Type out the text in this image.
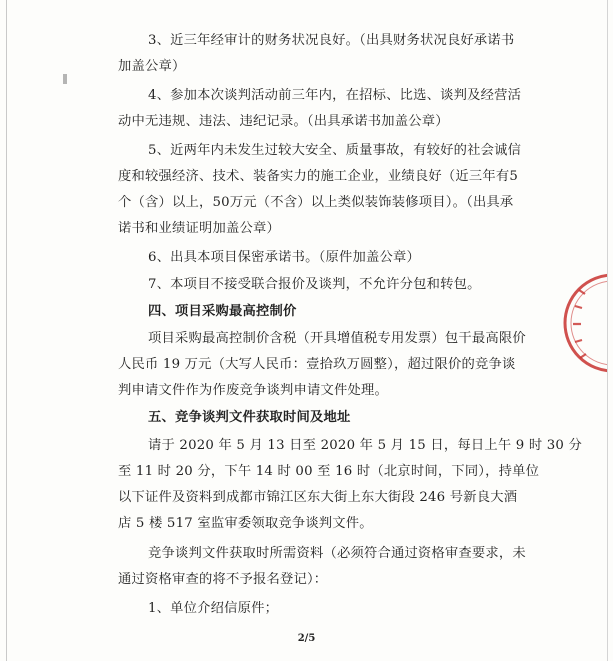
3、近三年经审计的财务状况良好。（出具财务状况良好承诺书
加盖公章）
4、参加本次谈判活动前三年内，在招标、比选、谈判及经营活
动中无违规、违法、违纪记录。（出具承诺书加盖公章）
5、近两年内未发生过较大安全、质量事故，有较好的社会诚信
度和较强经济、技术、装备实力的施工企业，业绩良好（近三年有5
个（含）以上，50万元（不含）以上类似装饰装修项目）。（出具承
诺书和业绩证明加盖公章）
6、出具本项目保密承诺书。（原件加盖公章）
7、本项目不接受联合报价及谈判，不允许分包和转包。
四、项目采购最高控制价
项目采购最高控制价含税（开具增值税专用发票）包干最高限价
人民币 19 万元（大写人民币：壹拾玖万圆整），超过限价的竞争谈
判申请文件作为作废竞争谈判申请文件处理。
五、竞争谈判文件获取时间及地址
请于 2020 年 5 月 13 日至 2020 年 5 月 15 日，每日上午 9 时 30 分
至 11 时 20 分，下午 14 时 00 至 16 时（北京时间，下同），持单位
以下证件及资料到成都市锦江区东大街上东大街段 246 号新良大酒
店 5 楼 517 室监审委领取竞争谈判文件。
竞争谈判文件获取时所需资料（必须符合通过资格审查要求，未
通过资格审查的将不予报名登记）：
1、单位介绍信原件；
2/5
